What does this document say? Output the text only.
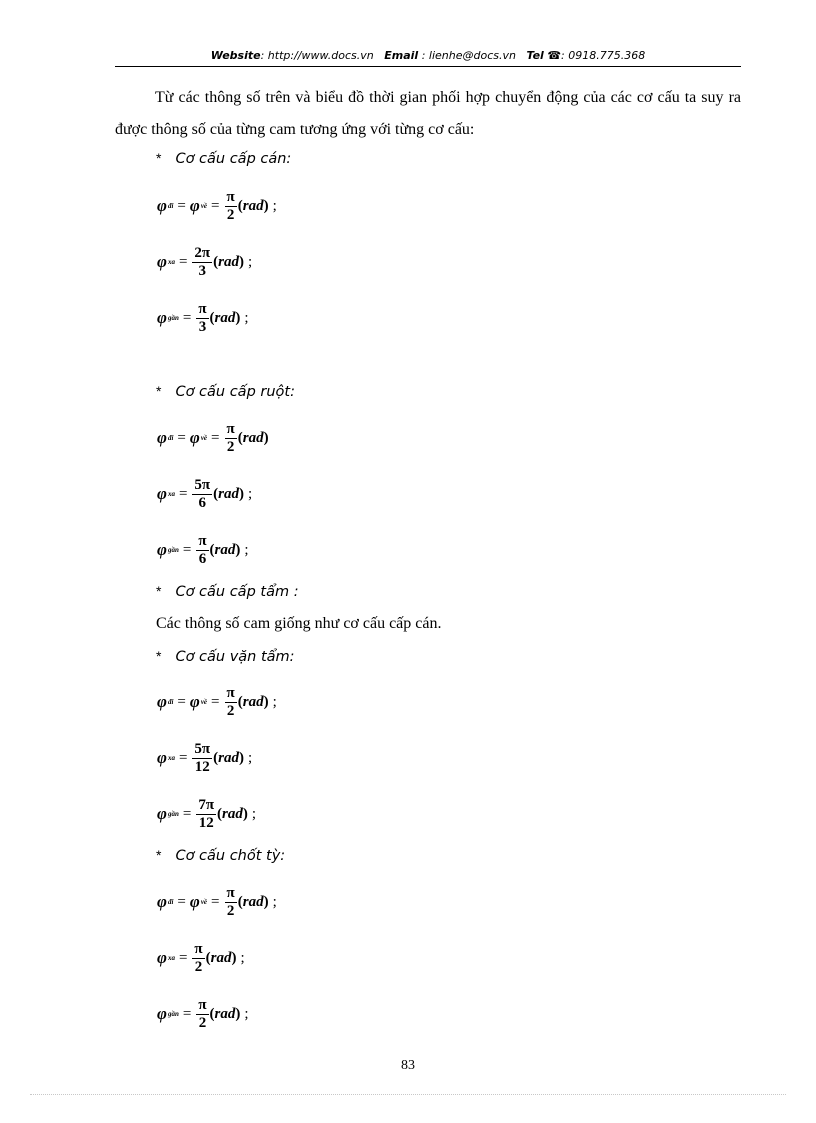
Website: http://www.docs.vn Email : lienhe@docs.vn Tel ☎: 0918.775.368

Từ các thông số trên và biểu đồ thời gian phối hợp chuyển động của các cơ cấu ta suy ra được thông số của từng cam tương ứng với từng cơ cấu:

* Cơ cấu cấp cán:
φ đi = φ về = $\frac{\pi}{2} (rad)$ ;
φ xa = $\frac{2\pi}{3} (rad)$ ;
φ gần = $\frac{\pi}{3} (rad)$ ;
* Cơ cấu cấp ruột:
φ đi = φ về = $\frac{\pi}{2} (rad)$
φ xa = $\frac{5\pi}{6} (rad)$ ;
φ gần = $\frac{\pi}{6} (rad)$ ;
* Cơ cấu cấp tẩm :
Các thông số cam giống như cơ cấu cấp cán.
* Cơ cấu vặn tẩm:
φ đi = φ về = $\frac{\pi}{2} (rad)$ ;
φ xa = $\frac{5\pi}{12} (rad)$ ;
φ gần = $\frac{7\pi}{12} (rad)$ ;
* Cơ cấu chốt tỳ:
φ đi = φ về = $\frac{\pi}{2} (rad)$ ;
φ xa = $\frac{\pi}{2} (rad)$ ;
φ gần = $\frac{\pi}{2} (rad)$ ;
83
